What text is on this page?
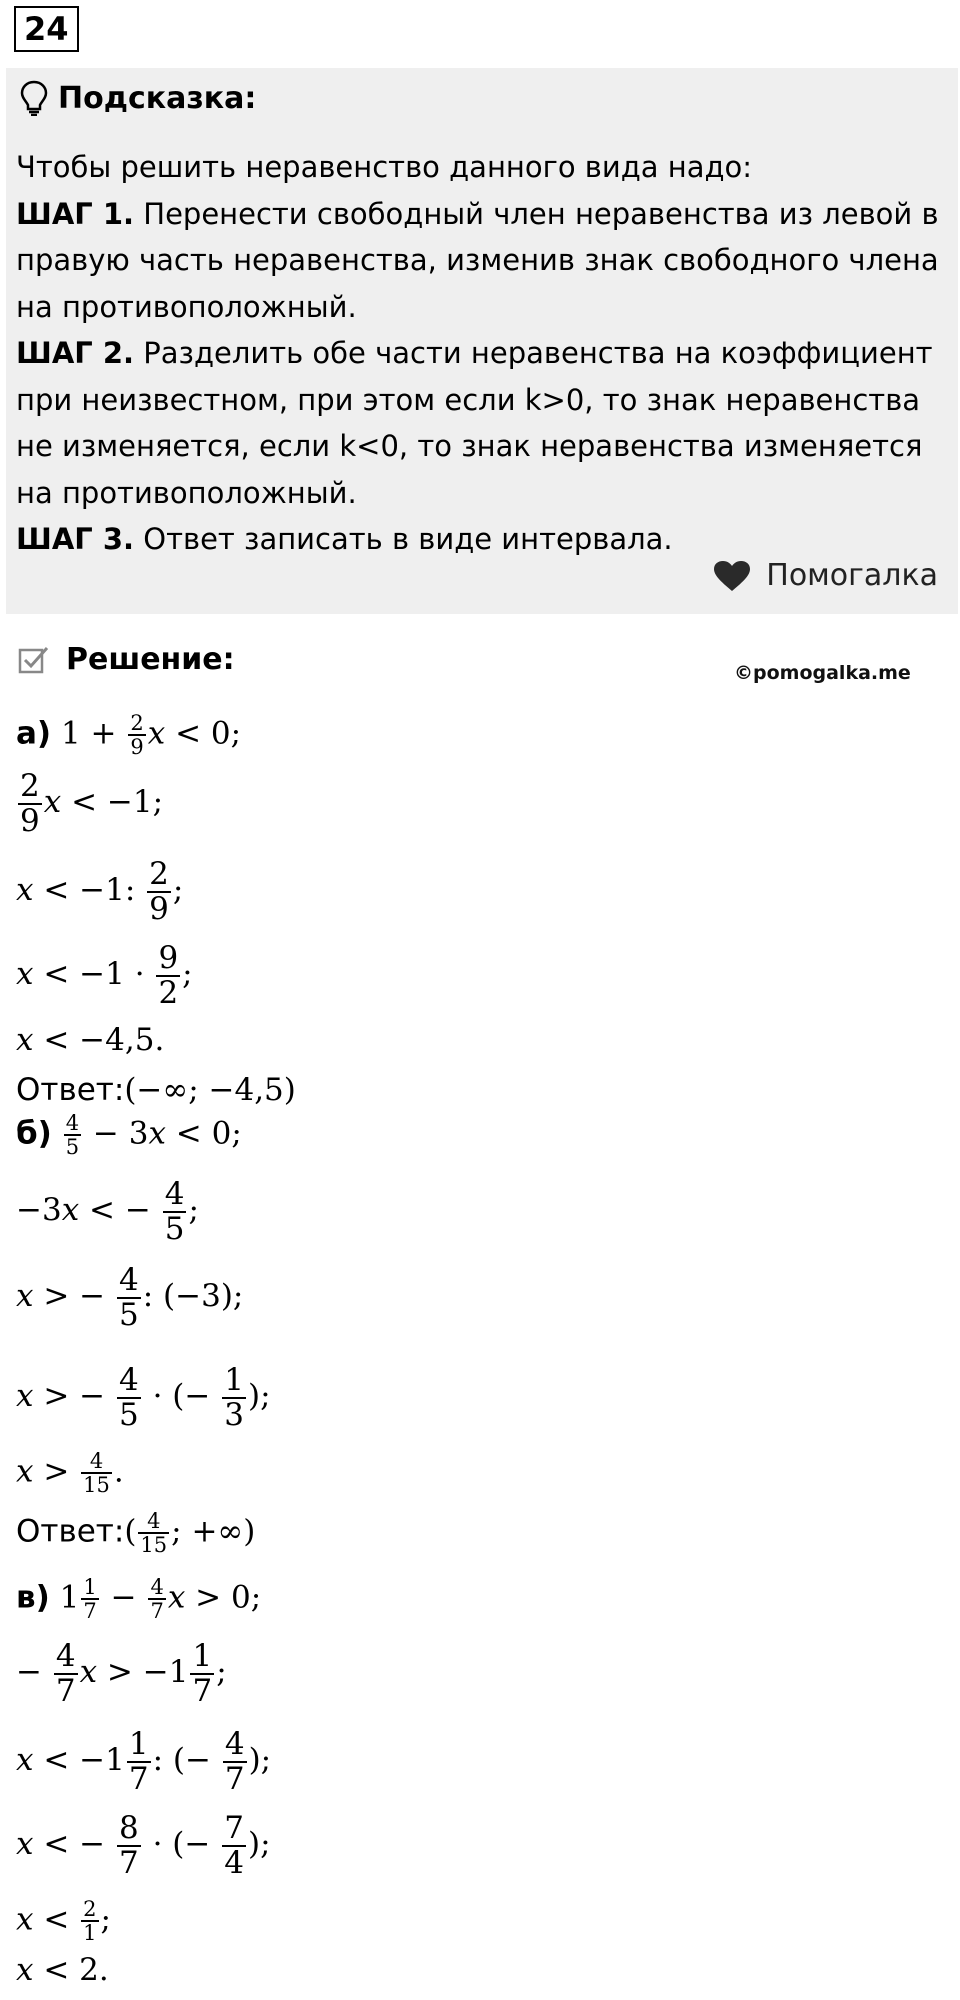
24
Подсказка:

Чтобы решить неравенство данного вида надо:

ШАГ 1. Перенести свободный член неравенства из левой в правую часть неравенства, изменив знак свободного члена на противоположный.

ШАГ 2. Разделить обе части неравенства на коэффициент при неизвестном, при этом если k>0, то знак неравенства не изменяется, если k<0, то знак неравенства изменяется на противоположный.

ШАГ 3. Ответ записать в виде интервала.

Помогалка
Решение:	©pomogalka.me
а) $1 + \frac{2}{9}$ x < 0;
$\frac{2}{9}$ x < −1;
x < −1: $\frac{2}{9}$ ;
$x < -1 \cdot \frac{9}{2}$ ;
x < −4,5.
Ответ:(−∞; −4,5)
$б) \frac{4}{5} - 3x < 0$;
−3x < − $\frac{4}{5}$ ;
x > − $\frac{4}{5}$ : (−3);
x > − $\frac{4}{5}$ · (− $\frac{1}{3}$ );
$x > \frac{4}{15}$ .
Ответ:( $\frac{4}{15}$ ; +∞)
в) $1 \frac{1}{7} - \frac{4}{7}$ x > 0;
− $\frac{4}{7}$ $x > -1 \frac{1}{7}$ ;
$x < -1 \frac{1}{7}$ : (− $\frac{4}{7}$ );
x < − $\frac{8}{7}$ · (− $\frac{7}{4}$ );
$x < \frac{2}{1}$ ;
x < 2.
